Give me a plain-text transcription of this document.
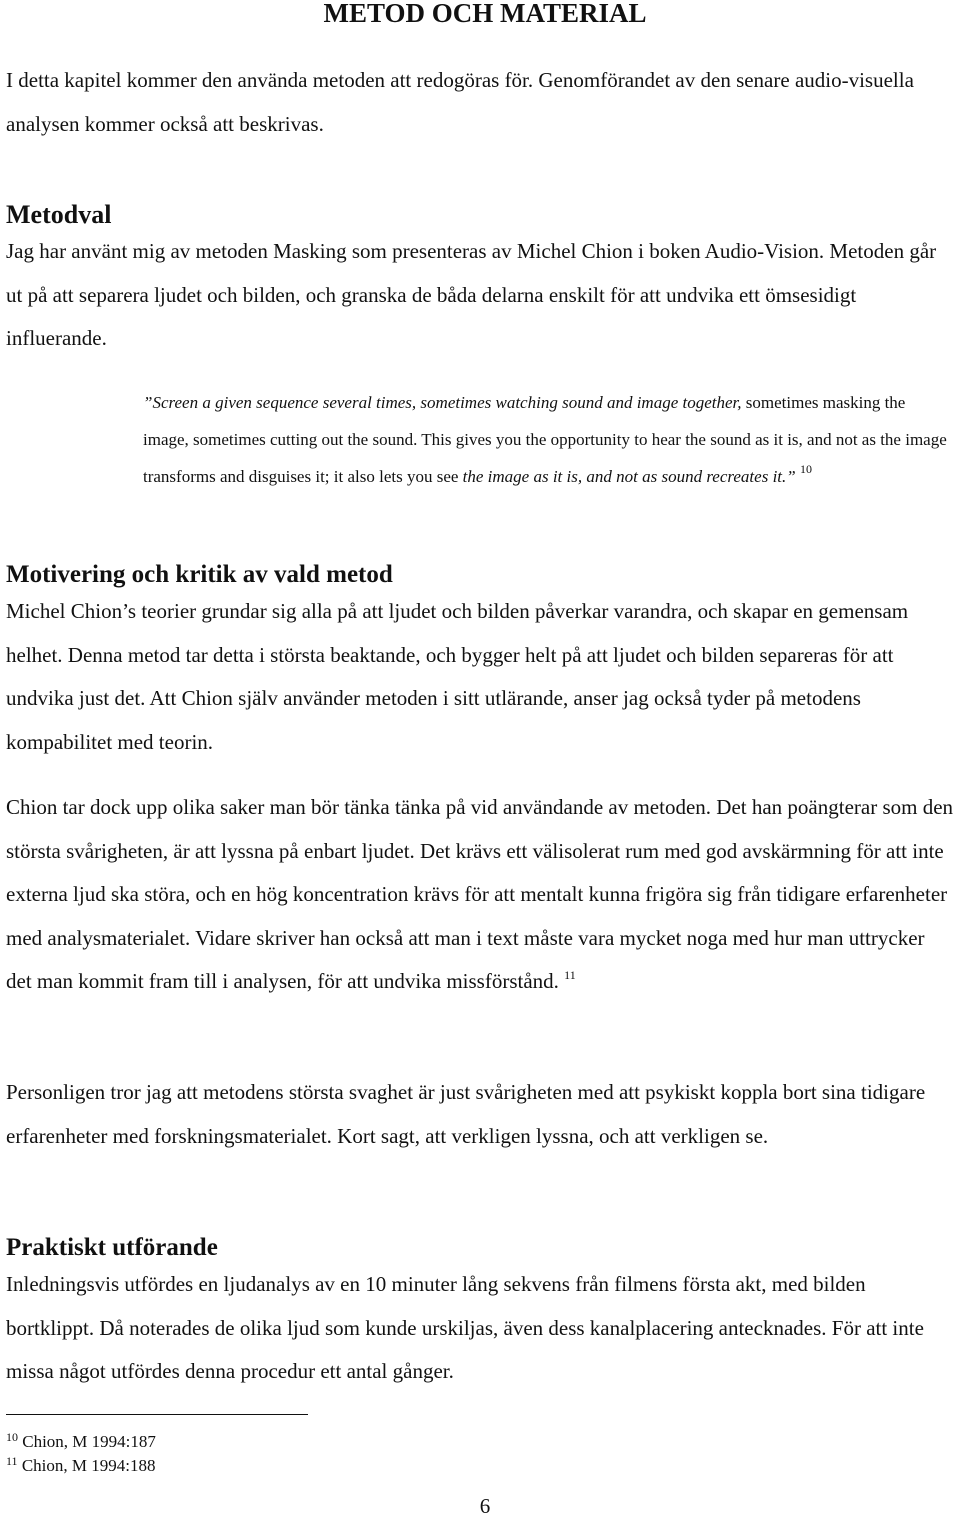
METOD OCH MATERIAL

I detta kapitel kommer den använda metoden att redogöras för. Genomförandet av den senare audio-visuella analysen kommer också att beskrivas.

Metodval

Jag har använt mig av metoden Masking som presenteras av Michel Chion i boken Audio-Vision. Metoden går ut på att separera ljudet och bilden, och granska de båda delarna enskilt för att undvika ett ömsesidigt influerande.

”Screen a given sequence several times, sometimes watching sound and image together, sometimes masking the image, sometimes cutting out the sound. This gives you the opportunity to hear the sound as it is, and not as the image transforms and disguises it; it also lets you see the image as it is, and not as sound recreates it.” $^{10}$

Motivering och kritik av vald metod

Michel Chion’s teorier grundar sig alla på att ljudet och bilden påverkar varandra, och skapar en gemensam helhet. Denna metod tar detta i största beaktande, och bygger helt på att ljudet och bilden separeras för att undvika just det. Att Chion själv använder metoden i sitt utlärande, anser jag också tyder på metodens kompabilitet med teorin.

Chion tar dock upp olika saker man bör tänka tänka på vid användande av metoden. Det han poängterar som den största svårigheten, är att lyssna på enbart ljudet. Det krävs ett välisolerat rum med god avskärmning för att inte externa ljud ska störa, och en hög koncentration krävs för att mentalt kunna frigöra sig från tidigare erfarenheter med analysmaterialet. Vidare skriver han också att man i text måste vara mycket noga med hur man uttrycker det man kommit fram till i analysen, för att undvika missförstånd. $^{11}$

Personligen tror jag att metodens största svaghet är just svårigheten med att psykiskt koppla bort sina tidigare erfarenheter med forskningsmaterialet. Kort sagt, att verkligen lyssna, och att verkligen se.

Praktiskt utförande

Inledningsvis utfördes en ljudanalys av en 10 minuter lång sekvens från filmens första akt, med bilden bortklippt. Då noterades de olika ljud som kunde urskiljas, även dess kanalplacering antecknades. För att inte missa något utfördes denna procedur ett antal gånger.

$^{10}$ Chion, M 1994:187

$^{11}$ Chion, M 1994:188

6
